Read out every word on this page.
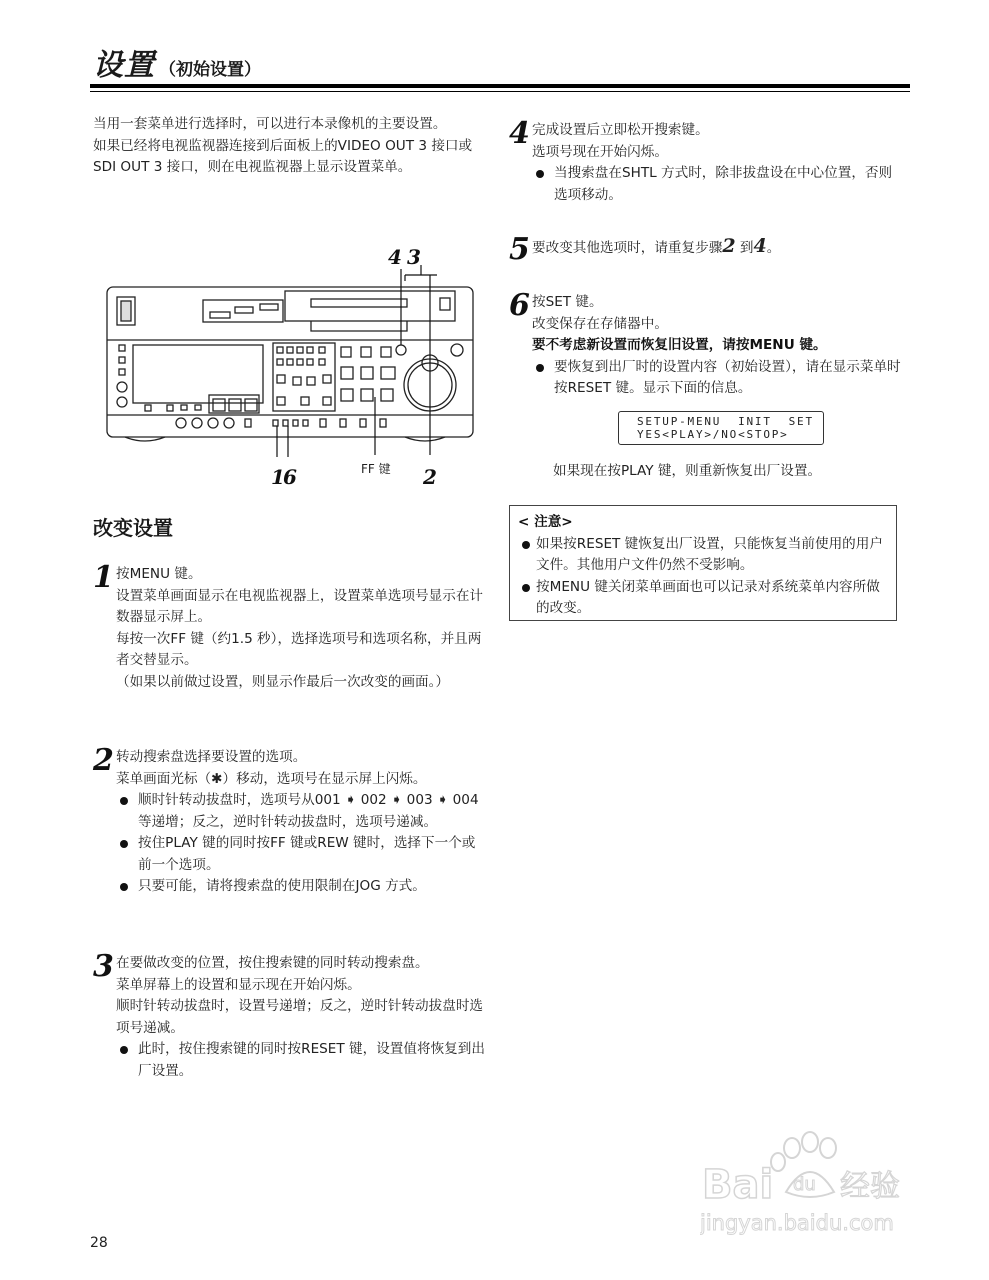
设置 （初始设置）

当用一套菜单进行选择时，可以进行本录像机的主要设置。

如果已经将电视监视器连接到后面板上的VIDEO OUT 3 接口或SDI OUT 3 接口，则在电视监视器上显示设置菜单。

4 3
1
6	2
FF 键
改变设置
1 按MENU 键。

设置菜单画面显示在电视监视器上，设置菜单选项号显示在计数器显示屏上。

每按一次FF 键（约1.5 秒），选择选项号和选项名称，并且两者交替显示。

（如果以前做过设置，则显示作最后一次改变的画面。）

2 转动搜索盘选择要设置的选项。

菜单画面光标（✱）移动，选项号在显示屏上闪烁。

顺时针转动拔盘时，选项号从001 ➧ 002 ➧ 003 ➧ 004 等递增；反之，逆时针转动拔盘时，选项号递减。

按住PLAY 键的同时按FF 键或REW 键时，选择下一个或前一个选项。

只要可能，请将搜索盘的使用限制在JOG 方式。

3 在要做改变的位置，按住搜索键的同时转动搜索盘。

菜单屏幕上的设置和显示现在开始闪烁。

顺时针转动拔盘时，设置号递增；反之，逆时针转动拔盘时选项号递减。

此时，按住搜索键的同时按RESET 键，设置值将恢复到出厂设置。

4 完成设置后立即松开搜索键。

选项号现在开始闪烁。

当搜索盘在SHTL 方式时，除非拔盘设在中心位置，否则选项移动。

5 要改变其他选项时，请重复步骤2 到4。

6 按SET 键。

改变保存在存储器中。

要不考虑新设置而恢复旧设置，请按MENU 键。

要恢复到出厂时的设置内容（初始设置），请在显示菜单时按RESET 键。显示下面的信息。

SETUP-MENU  INIT  SET
YES<PLAY>/NO<STOP>
如果现在按PLAY 键，则重新恢复出厂设置。

< 注意>

如果按RESET 键恢复出厂设置，只能恢复当前使用的用户文件。其他用户文件仍然不受影响。

按MENU 键关闭菜单画面也可以记录对系统菜单内容所做的改变。

Bai du 经验
jingyan.baidu.com
28
